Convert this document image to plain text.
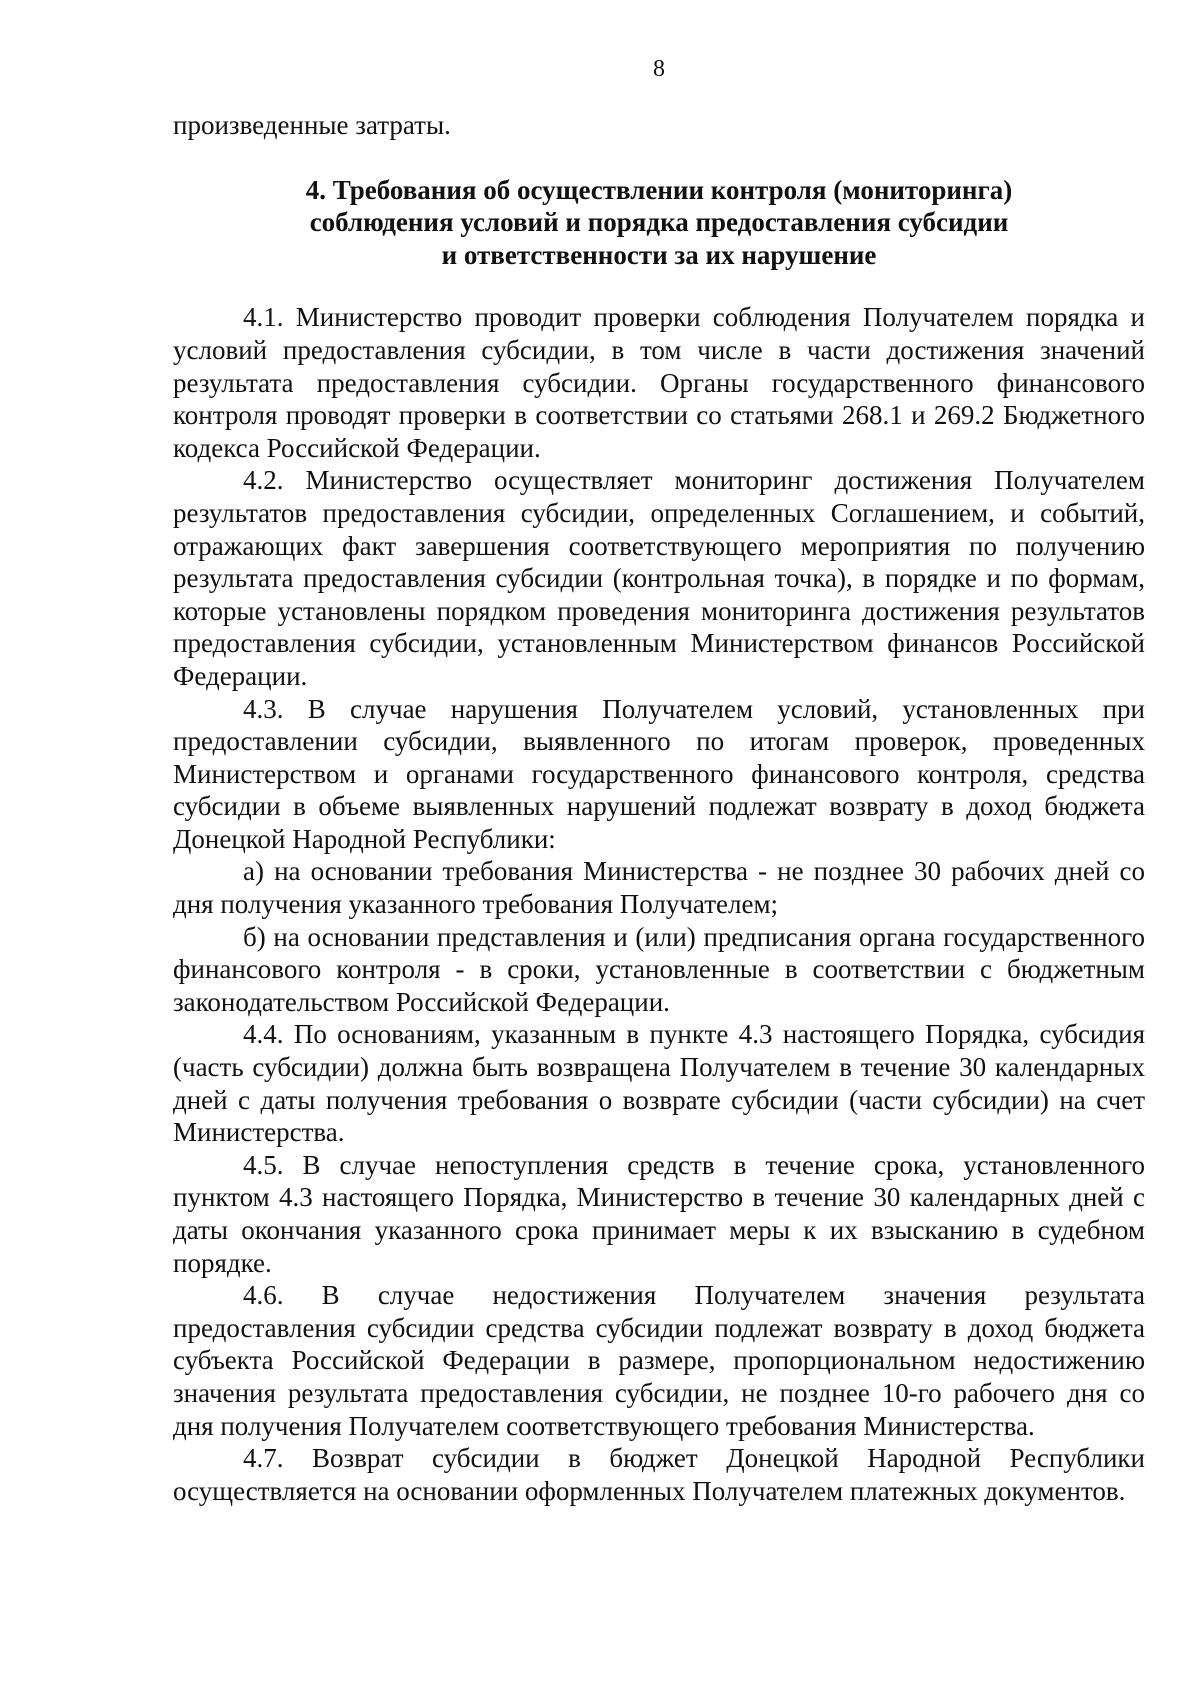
8

произведенные затраты.

4. Требования об осуществлении контроля (мониторинга)
соблюдения условий и порядка предоставления субсидии
и ответственности за их нарушение

4.1. Министерство проводит проверки соблюдения Получателем порядка и условий предоставления субсидии, в том числе в части достижения значений результата предоставления субсидии. Органы государственного финансового контроля проводят проверки в соответствии со статьями 268.1 и 269.2 Бюджетного кодекса Российской Федерации.

4.2. Министерство осуществляет мониторинг достижения Получателем результатов предоставления субсидии, определенных Соглашением, и событий, отражающих факт завершения соответствующего мероприятия по получению результата предоставления субсидии (контрольная точка), в порядке и по формам, которые установлены порядком проведения мониторинга достижения результатов предоставления субсидии, установленным Министерством финансов Российской Федерации.

4.3. В случае нарушения Получателем условий, установленных при предоставлении субсидии, выявленного по итогам проверок, проведенных Министерством и органами государственного финансового контроля, средства субсидии в объеме выявленных нарушений подлежат возврату в доход бюджета Донецкой Народной Республики:

а) на основании требования Министерства - не позднее 30 рабочих дней со дня получения указанного требования Получателем;

б) на основании представления и (или) предписания органа государственного финансового контроля - в сроки, установленные в соответствии с бюджетным законодательством Российской Федерации.

4.4. По основаниям, указанным в пункте 4.3 настоящего Порядка, субсидия (часть субсидии) должна быть возвращена Получателем в течение 30 календарных дней с даты получения требования о возврате субсидии (части субсидии) на счет Министерства.

4.5. В случае непоступления средств в течение срока, установленного пунктом 4.3 настоящего Порядка, Министерство в течение 30 календарных дней с даты окончания указанного срока принимает меры к их взысканию в судебном порядке.

4.6. В случае недостижения Получателем значения результата предоставления субсидии средства субсидии подлежат возврату в доход бюджета субъекта Российской Федерации в размере, пропорциональном недостижению значения результата предоставления субсидии, не позднее 10-го рабочего дня со дня получения Получателем соответствующего требования Министерства.

4.7. Возврат субсидии в бюджет Донецкой Народной Республики осуществляется на основании оформленных Получателем платежных документов.
